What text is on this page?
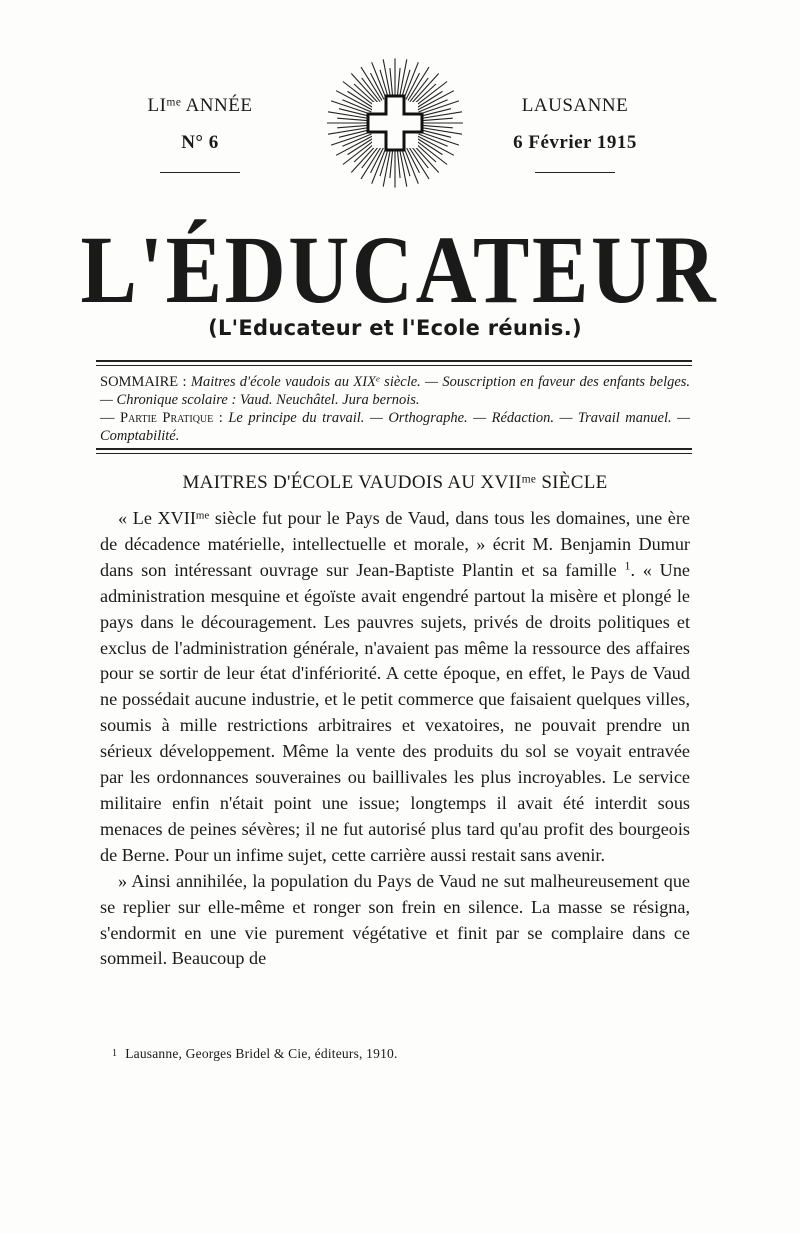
$LI^{me}$ ANNÉE
N° 6
LAUSANNE
6 Février 1915
L'ÉDUCATEUR
(L'Educateur et l'Ecole réunis.)
SOMMAIRE : Maitres d'école vaudois au XIXe siècle. — Souscription en faveur des enfants belges. — Chronique scolaire : Vaud. Neuchâtel. Jura bernois.
— Partie Pratique : Le principe du travail. — Orthographe. — Rédaction. — Travail manuel. — Comptabilité.
MAITRES D'ÉCOLE VAUDOIS AU $XVII^{me}$ SIÈCLE

« Le $XVII^{me}$ siècle fut pour le Pays de Vaud, dans tous les domaines, une ère de décadence matérielle, intellectuelle et morale, » écrit M. Benjamin Dumur dans son intéressant ouvrage sur Jean-Baptiste Plantin et sa famille $^1$. « Une administration mesquine et égoïste avait engendré partout la misère et plongé le pays dans le découragement. Les pauvres sujets, privés de droits politiques et exclus de l'administration générale, n'avaient pas même la ressource des affaires pour se sortir de leur état d'infériorité. A cette époque, en effet, le Pays de Vaud ne possédait aucune industrie, et le petit commerce que faisaient quelques villes, soumis à mille restrictions arbitraires et vexatoires, ne pouvait prendre un sérieux développement. Même la vente des produits du sol se voyait entravée par les ordonnances souveraines ou baillivales les plus incroyables. Le service militaire enfin n'était point une issue; longtemps il avait été interdit sous menaces de peines sévères; il ne fut autorisé plus tard qu'au profit des bourgeois de Berne. Pour un infime sujet, cette carrière aussi restait sans avenir.

» Ainsi annihilée, la population du Pays de Vaud ne sut malheureusement que se replier sur elle-même et ronger son frein en silence. La masse se résigna, s'endormit en une vie purement végétative et finit par se complaire dans ce sommeil. Beaucoup de

1 Lausanne, Georges Bridel & Cie, éditeurs, 1910.
